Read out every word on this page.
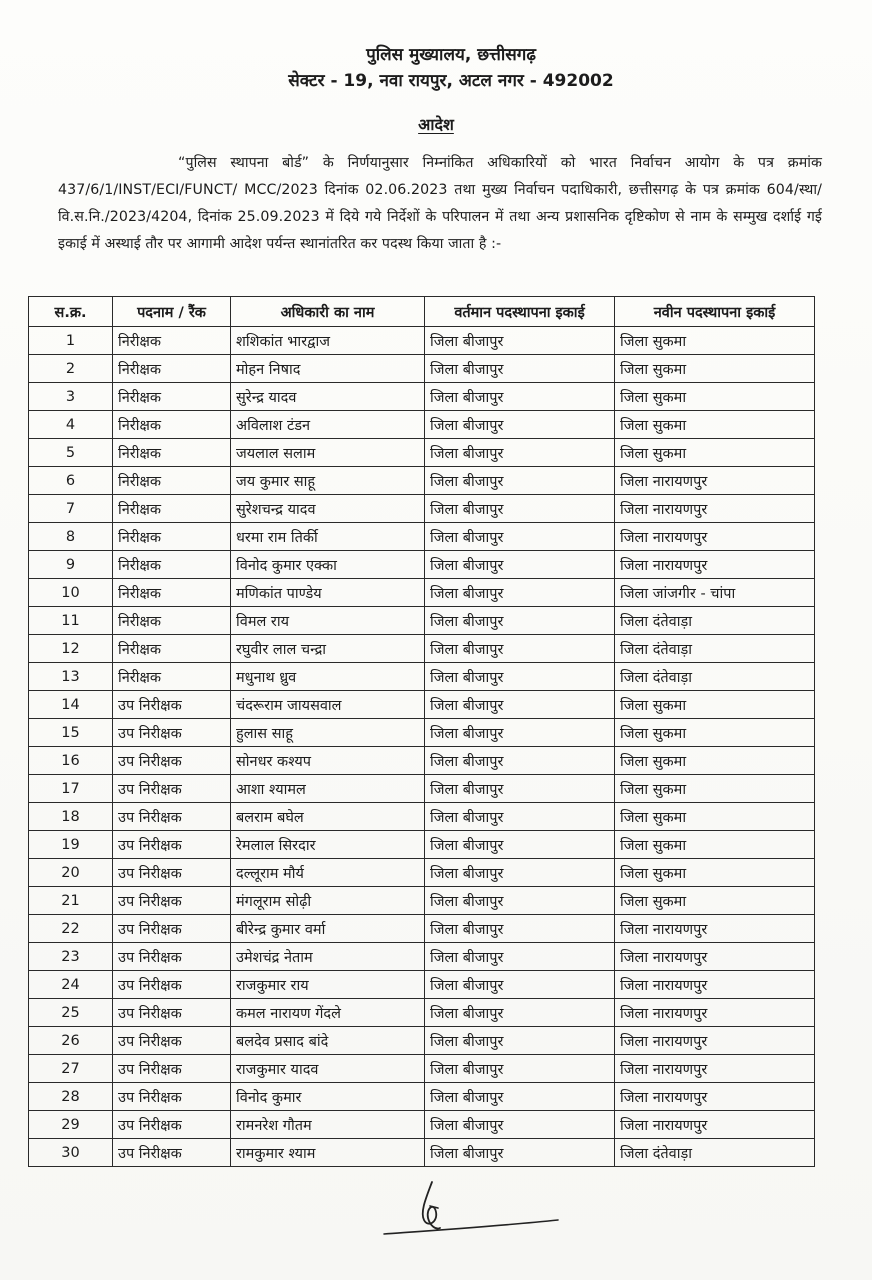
पुलिस मुख्यालय, छत्तीसगढ़
सेक्टर - 19, नवा रायपुर, अटल नगर - 492002
आदेश
“पुलिस स्थापना बोर्ड” के निर्णयानुसार निम्नांकित अधिकारियों को भारत निर्वाचन आयोग के पत्र क्रमांक 437/6/1/INST/ECI/FUNCT/ MCC/2023 दिनांक 02.06.2023 तथा मुख्य निर्वाचन पदाधिकारी, छत्तीसगढ़ के पत्र क्रमांक 604/स्था/वि.स.नि./2023/4204, दिनांक 25.09.2023 में दिये गये निर्देशों के परिपालन में तथा अन्य प्रशासनिक दृष्टिकोण से नाम के सम्मुख दर्शाई गई इकाई में अस्थाई तौर पर आगामी आदेश पर्यन्त स्थानांतरित कर पदस्थ किया जाता है :-
स.क्र.	पदनाम / रैंक	अधिकारी का नाम	वर्तमान पदस्थापना इकाई	नवीन पदस्थापना इकाई
1	निरीक्षक	शशिकांत भारद्वाज	जिला बीजापुर	जिला सुकमा
2	निरीक्षक	मोहन निषाद	जिला बीजापुर	जिला सुकमा
3	निरीक्षक	सुरेन्द्र यादव	जिला बीजापुर	जिला सुकमा
4	निरीक्षक	अविलाश टंडन	जिला बीजापुर	जिला सुकमा
5	निरीक्षक	जयलाल सलाम	जिला बीजापुर	जिला सुकमा
6	निरीक्षक	जय कुमार साहू	जिला बीजापुर	जिला नारायणपुर
7	निरीक्षक	सुरेशचन्द्र यादव	जिला बीजापुर	जिला नारायणपुर
8	निरीक्षक	धरमा राम तिर्की	जिला बीजापुर	जिला नारायणपुर
9	निरीक्षक	विनोद कुमार एक्का	जिला बीजापुर	जिला नारायणपुर
10	निरीक्षक	मणिकांत पाण्डेय	जिला बीजापुर	जिला जांजगीर - चांपा
11	निरीक्षक	विमल राय	जिला बीजापुर	जिला दंतेवाड़ा
12	निरीक्षक	रघुवीर लाल चन्द्रा	जिला बीजापुर	जिला दंतेवाड़ा
13	निरीक्षक	मधुनाथ ध्रुव	जिला बीजापुर	जिला दंतेवाड़ा
14	उप निरीक्षक	चंदरूराम जायसवाल	जिला बीजापुर	जिला सुकमा
15	उप निरीक्षक	हुलास साहू	जिला बीजापुर	जिला सुकमा
16	उप निरीक्षक	सोनधर कश्यप	जिला बीजापुर	जिला सुकमा
17	उप निरीक्षक	आशा श्यामल	जिला बीजापुर	जिला सुकमा
18	उप निरीक्षक	बलराम बघेल	जिला बीजापुर	जिला सुकमा
19	उप निरीक्षक	रेमलाल सिरदार	जिला बीजापुर	जिला सुकमा
20	उप निरीक्षक	दल्लूराम मौर्य	जिला बीजापुर	जिला सुकमा
21	उप निरीक्षक	मंगलूराम सोढ़ी	जिला बीजापुर	जिला सुकमा
22	उप निरीक्षक	बीरेन्द्र कुमार वर्मा	जिला बीजापुर	जिला नारायणपुर
23	उप निरीक्षक	उमेशचंद्र नेताम	जिला बीजापुर	जिला नारायणपुर
24	उप निरीक्षक	राजकुमार राय	जिला बीजापुर	जिला नारायणपुर
25	उप निरीक्षक	कमल नारायण गेंदले	जिला बीजापुर	जिला नारायणपुर
26	उप निरीक्षक	बलदेव प्रसाद बांदे	जिला बीजापुर	जिला नारायणपुर
27	उप निरीक्षक	राजकुमार यादव	जिला बीजापुर	जिला नारायणपुर
28	उप निरीक्षक	विनोद कुमार	जिला बीजापुर	जिला नारायणपुर
29	उप निरीक्षक	रामनरेश गौतम	जिला बीजापुर	जिला नारायणपुर
30	उप निरीक्षक	रामकुमार श्याम	जिला बीजापुर	जिला दंतेवाड़ा
